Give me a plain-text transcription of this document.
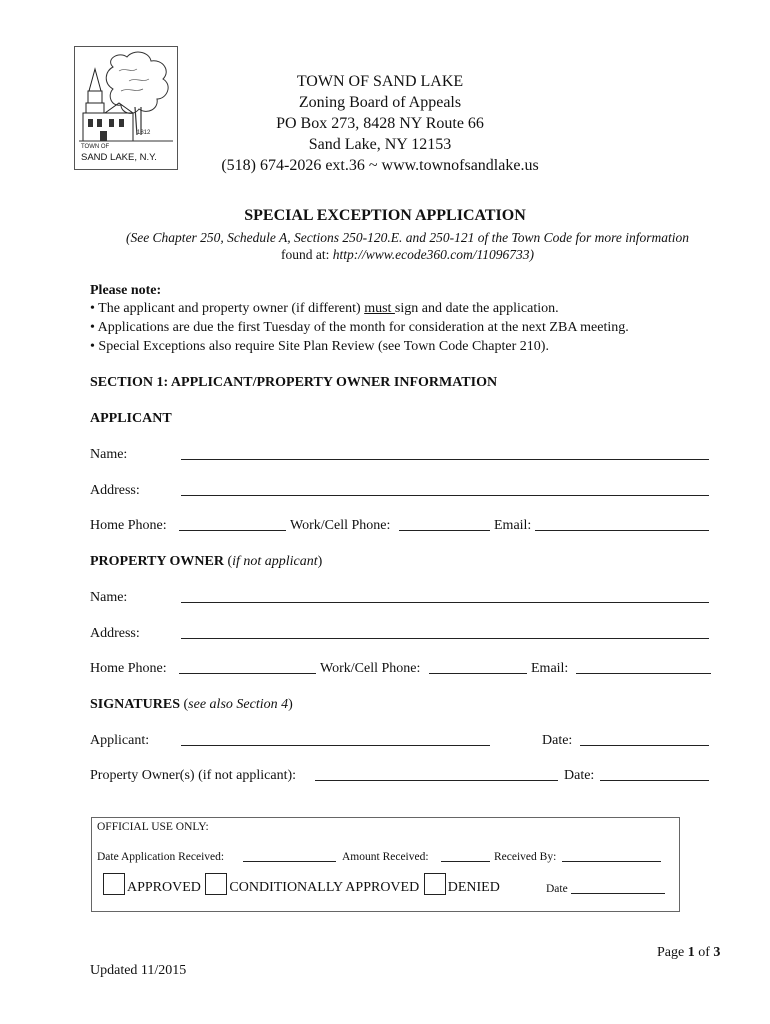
1812
TOWN OF
SAND LAKE, N.Y.
TOWN OF SAND LAKE
Zoning Board of Appeals
PO Box 273, 8428 NY Route 66
Sand Lake, NY 12153
(518) 674-2026 ext.36 ~ www.townofsandlake.us
SPECIAL EXCEPTION APPLICATION
(See Chapter 250, Schedule A, Sections 250-120.E. and 250-121 of the Town Code for more information
found at: http://www.ecode360.com/11096733)
Please note:
• The applicant and property owner (if different) must sign and date the application.
• Applications are due the first Tuesday of the month for consideration at the next ZBA meeting.
• Special Exceptions also require Site Plan Review (see Town Code Chapter 210).
SECTION 1: APPLICANT/PROPERTY OWNER INFORMATION
APPLICANT
Name:
Address:
Home Phone:	Work/Cell Phone:	Email:
PROPERTY OWNER (if not applicant)
Name:
Address:
Home Phone:	Work/Cell Phone:	Email:
SIGNATURES (see also Section 4)
Applicant:	Date:
Property Owner(s) (if not applicant):	Date:
OFFICIAL USE ONLY:
Date Application Received:	Amount Received:	Received By:
APPROVED CONDITIONALLY APPROVED DENIED	Date
Page 1 of 3
Updated 11/2015
